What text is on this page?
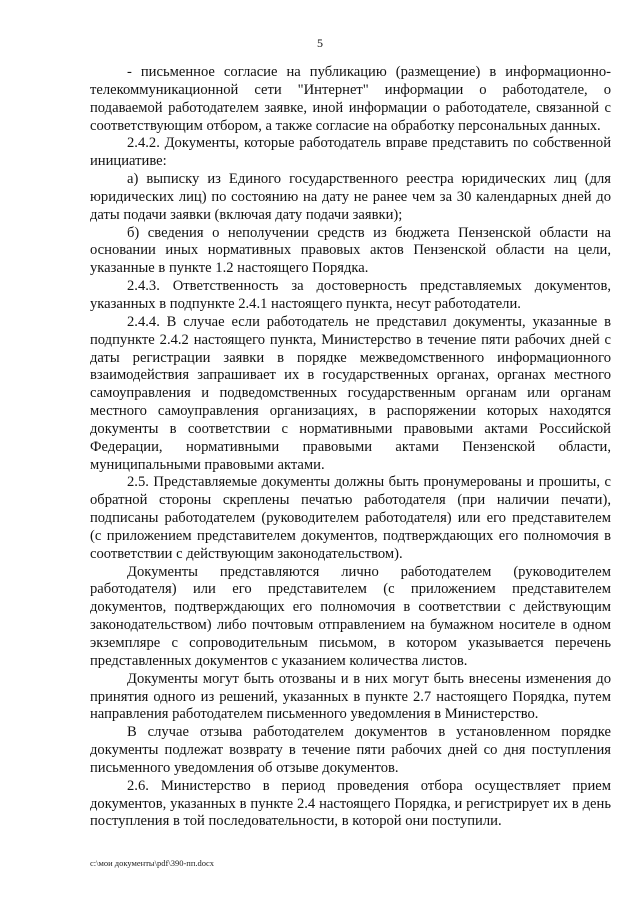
5

- письменное согласие на публикацию (размещение) в информационно-телекоммуникационной сети "Интернет" информации о работодателе, о подаваемой работодателем заявке, иной информации о работодателе, связанной с соответствующим отбором, а также согласие на обработку персональных данных.

2.4.2. Документы, которые работодатель вправе представить по собственной инициативе:

а) выписку из Единого государственного реестра юридических лиц (для юридических лиц) по состоянию на дату не ранее чем за 30 календарных дней до даты подачи заявки (включая дату подачи заявки);

б) сведения о неполучении средств из бюджета Пензенской области на основании иных нормативных правовых актов Пензенской области на цели, указанные в пункте 1.2 настоящего Порядка.

2.4.3. Ответственность за достоверность представляемых документов, указанных в подпункте 2.4.1 настоящего пункта, несут работодатели.

2.4.4. В случае если работодатель не представил документы, указанные в подпункте 2.4.2 настоящего пункта, Министерство в течение пяти рабочих дней с даты регистрации заявки в порядке межведомственного информационного взаимодействия запрашивает их в государственных органах, органах местного самоуправления и подведомственных государственным органам или органам местного самоуправления организациях, в распоряжении которых находятся документы в соответствии с нормативными правовыми актами Российской Федерации, нормативными правовыми актами Пензенской области, муниципальными правовыми актами.

2.5. Представляемые документы должны быть пронумерованы и прошиты, с обратной стороны скреплены печатью работодателя (при наличии печати), подписаны работодателем (руководителем работодателя) или его представителем (с приложением представителем документов, подтверждающих его полномочия в соответствии с действующим законодательством).

Документы представляются лично работодателем (руководителем работодателя) или его представителем (с приложением представителем документов, подтверждающих его полномочия в соответствии с действующим законодательством) либо почтовым отправлением на бумажном носителе в одном экземпляре с сопроводительным письмом, в котором указывается перечень представленных документов с указанием количества листов.

Документы могут быть отозваны и в них могут быть внесены изменения до принятия одного из решений, указанных в пункте 2.7 настоящего Порядка, путем направления работодателем письменного уведомления в Министерство.

В случае отзыва работодателем документов в установленном порядке документы подлежат возврату в течение пяти рабочих дней со дня поступления письменного уведомления об отзыве документов.

2.6. Министерство в период проведения отбора осуществляет прием документов, указанных в пункте 2.4 настоящего Порядка, и регистрирует их в день поступления в той последовательности, в которой они поступили.

c:\мои документы\pdf\390-пп.docx
